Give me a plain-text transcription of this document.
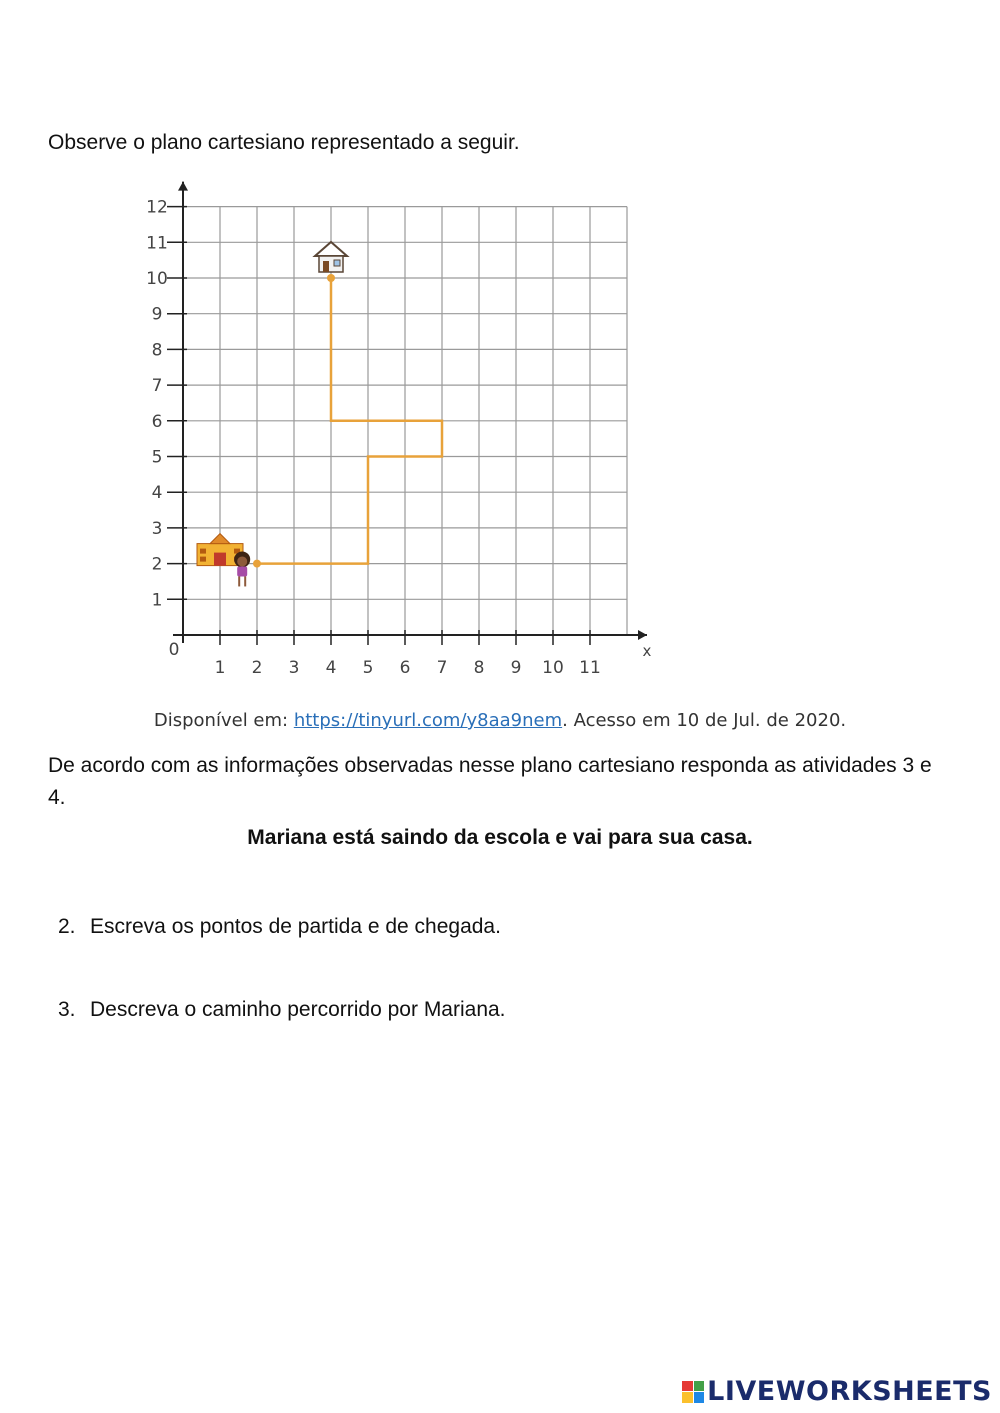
Observe o plano cartesiano representado a seguir.

1 2 3 4 5 6 7 8 9 10 11
1
2
3
4
5
6
7
8
9
10
11
12
0	x
Disponível em: https://tinyurl.com/y8aa9nem. Acesso em 10 de Jul. de 2020.

De acordo com as informações observadas nesse plano cartesiano responda as atividades 3 e 4.

Mariana está saindo da escola e vai para sua casa.

2. Escreva os pontos de partida e de chegada.

3. Descreva o caminho percorrido por Mariana.

LIVEWORKSHEETS
